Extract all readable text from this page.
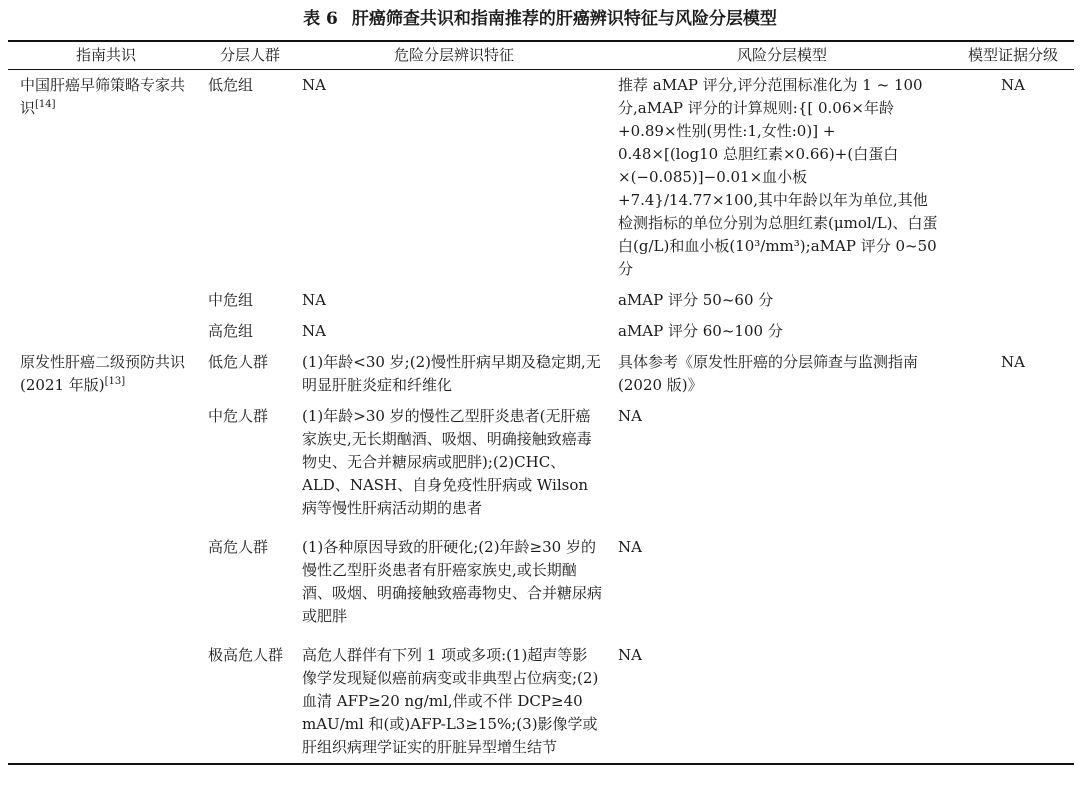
表 6 肝癌筛查共识和指南推荐的肝癌辨识特征与风险分层模型
指南共识	分层人群	危险分层辨识特征	风险分层模型	模型证据分级
中国肝癌早筛策略专家共识[14]	低危组	NA	推荐 aMAP 评分,评分范围标准化为 1 ~ 100 分,aMAP 评分的计算规则:{[ 0.06×年龄+0.89×性别(男性:1,女性:0)] + 0.48×[(log10 总胆红素×0.66)+(白蛋白×(−0.085)]−0.01×血小板+7.4}/14.77×100,其中年龄以年为单位,其他检测指标的单位分别为总胆红素(μmol/L)、白蛋白(g/L)和血小板(10³/mm³);aMAP 评分 0~50 分	NA
	中危组	NA	aMAP 评分 50~60 分	
	高危组	NA	aMAP 评分 60~100 分	
原发性肝癌二级预防共识(2021 年版)[13]	低危人群	(1)年龄<30 岁;(2)慢性肝病早期及稳定期,无明显肝脏炎症和纤维化	具体参考《原发性肝癌的分层筛查与监测指南(2020 版)》	NA
	中危人群	(1)年龄>30 岁的慢性乙型肝炎患者(无肝癌家族史,无长期酗酒、吸烟、明确接触致癌毒物史、无合并糖尿病或肥胖);(2)CHC、ALD、NASH、自身免疫性肝病或 Wilson 病等慢性肝病活动期的患者	NA	
	高危人群	(1)各种原因导致的肝硬化;(2)年龄≥30 岁的慢性乙型肝炎患者有肝癌家族史,或长期酗酒、吸烟、明确接触致癌毒物史、合并糖尿病或肥胖	NA	
	极高危人群	高危人群伴有下列 1 项或多项:(1)超声等影像学发现疑似癌前病变或非典型占位病变;(2)血清 AFP≥20 ng/ml,伴或不伴 DCP≥40 mAU/ml 和(或)AFP-L3≥15%;(3)影像学或肝组织病理学证实的肝脏异型增生结节	NA	
